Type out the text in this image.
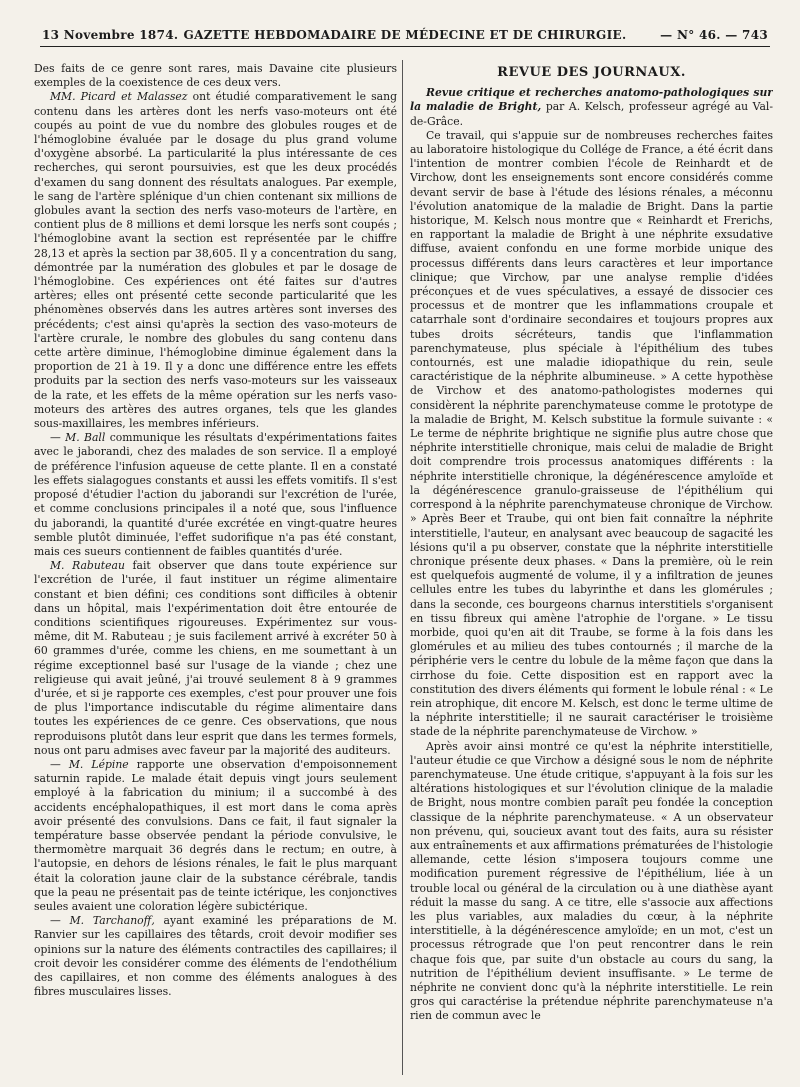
13 Novembre 1874. GAZETTE HEBDOMADAIRE DE MÉDECINE ET DE CHIRURGIE.	— N° 46. — 743

Des faits de ce genre sont rares, mais Davaine cite plusieurs exemples de la coexistence de ces deux vers.

MM. Picard et Malassez ont étudié comparativement le sang contenu dans les artères dont les nerfs vaso-moteurs ont été coupés au point de vue du nombre des globules rouges et de l'hémoglobine évaluée par le dosage du plus grand volume d'oxygène absorbé. La particularité la plus intéressante de ces recherches, qui seront poursuivies, est que les deux procédés d'examen du sang donnent des résultats analogues. Par exemple, le sang de l'artère splénique d'un chien contenant six millions de globules avant la section des nerfs vaso-moteurs de l'artère, en contient plus de 8 millions et demi lorsque les nerfs sont coupés ; l'hémoglobine avant la section est représentée par le chiffre 28,13 et après la section par 38,605. Il y a concentration du sang, démontrée par la numération des globules et par le dosage de l'hémoglobine. Ces expériences ont été faites sur d'autres artères; elles ont présenté cette seconde particularité que les phénomènes observés dans les autres artères sont inverses des précédents; c'est ainsi qu'après la section des vaso-moteurs de l'artère crurale, le nombre des globules du sang contenu dans cette artère diminue, l'hémoglobine diminue également dans la proportion de 21 à 19. Il y a donc une différence entre les effets produits par la section des nerfs vaso-moteurs sur les vaisseaux de la rate, et les effets de la même opération sur les nerfs vaso-moteurs des artères des autres organes, tels que les glandes sous-maxillaires, les membres inférieurs.

— M. Ball communique les résultats d'expérimentations faites avec le jaborandi, chez des malades de son service. Il a employé de préférence l'infusion aqueuse de cette plante. Il en a constaté les effets sialagogues constants et aussi les effets vomitifs. Il s'est proposé d'étudier l'action du jaborandi sur l'excrétion de l'urée, et comme conclusions principales il a noté que, sous l'influence du jaborandi, la quantité d'urée excrétée en vingt-quatre heures semble plutôt diminuée, l'effet sudorifique n'a pas été constant, mais ces sueurs contiennent de faibles quantités d'urée.

M. Rabuteau fait observer que dans toute expérience sur l'excrétion de l'urée, il faut instituer un régime alimentaire constant et bien défini; ces conditions sont difficiles à obtenir dans un hôpital, mais l'expérimentation doit être entourée de conditions scientifiques rigoureuses. Expérimentez sur vous-même, dit M. Rabuteau ; je suis facilement arrivé à excréter 50 à 60 grammes d'urée, comme les chiens, en me soumettant à un régime exceptionnel basé sur l'usage de la viande ; chez une religieuse qui avait jeûné, j'ai trouvé seulement 8 à 9 grammes d'urée, et si je rapporte ces exemples, c'est pour prouver une fois de plus l'importance indiscutable du régime alimentaire dans toutes les expériences de ce genre. Ces observations, que nous reproduisons plutôt dans leur esprit que dans les termes formels, nous ont paru admises avec faveur par la majorité des auditeurs.

— M. Lépine rapporte une observation d'empoisonnement saturnin rapide. Le malade était depuis vingt jours seulement employé à la fabrication du minium; il a succombé à des accidents encéphalopathiques, il est mort dans le coma après avoir présenté des convulsions. Dans ce fait, il faut signaler la température basse observée pendant la période convulsive, le thermomètre marquait 36 degrés dans le rectum; en outre, à l'autopsie, en dehors de lésions rénales, le fait le plus marquant était la coloration jaune clair de la substance cérébrale, tandis que la peau ne présentait pas de teinte ictérique, les conjonctives seules avaient une coloration légère subictérique.

— M. Tarchanoff, ayant examiné les préparations de M. Ranvier sur les capillaires des têtards, croit devoir modifier ses opinions sur la nature des éléments contractiles des capillaires; il croit devoir les considérer comme des éléments de l'endothélium des capillaires, et non comme des éléments analogues à des fibres musculaires lisses.

REVUE DES JOURNAUX.

Revue critique et recherches anatomo-pathologiques sur la maladie de Bright, par A. Kelsch, professeur agrégé au Val-de-Grâce.

Ce travail, qui s'appuie sur de nombreuses recherches faites au laboratoire histologique du Collége de France, a été écrit dans l'intention de montrer combien l'école de Reinhardt et de Virchow, dont les enseignements sont encore considérés comme devant servir de base à l'étude des lésions rénales, a méconnu l'évolution anatomique de la maladie de Bright. Dans la partie historique, M. Kelsch nous montre que « Reinhardt et Frerichs, en rapportant la maladie de Bright à une néphrite exsudative diffuse, avaient confondu en une forme morbide unique des processus différents dans leurs caractères et leur importance clinique; que Virchow, par une analyse remplie d'idées préconçues et de vues spéculatives, a essayé de dissocier ces processus et de montrer que les inflammations croupale et catarrhale sont d'ordinaire secondaires et toujours propres aux tubes droits sécréteurs, tandis que l'inflammation parenchymateuse, plus spéciale à l'épithélium des tubes contournés, est une maladie idiopathique du rein, seule caractéristique de la néphrite albumineuse. » A cette hypothèse de Virchow et des anatomo-pathologistes modernes qui considèrent la néphrite parenchymateuse comme le prototype de la maladie de Bright, M. Kelsch substitue la formule suivante : « Le terme de néphrite brightique ne signifie plus autre chose que néphrite interstitielle chronique, mais celui de maladie de Bright doit comprendre trois processus anatomiques différents : la néphrite interstitielle chronique, la dégénérescence amyloïde et la dégénérescence granulo-graisseuse de l'épithélium qui correspond à la néphrite parenchymateuse chronique de Virchow. » Après Beer et Traube, qui ont bien fait connaître la néphrite interstitielle, l'auteur, en analysant avec beaucoup de sagacité les lésions qu'il a pu observer, constate que la néphrite interstitielle chronique présente deux phases. « Dans la première, où le rein est quelquefois augmenté de volume, il y a infiltration de jeunes cellules entre les tubes du labyrinthe et dans les glomérules ; dans la seconde, ces bourgeons charnus interstitiels s'organisent en tissu fibreux qui amène l'atrophie de l'organe. » Le tissu morbide, quoi qu'en ait dit Traube, se forme à la fois dans les glomérules et au milieu des tubes contournés ; il marche de la périphérie vers le centre du lobule de la même façon que dans la cirrhose du foie. Cette disposition est en rapport avec la constitution des divers éléments qui forment le lobule rénal : « Le rein atrophique, dit encore M. Kelsch, est donc le terme ultime de la néphrite interstitielle; il ne saurait caractériser le troisième stade de la néphrite parenchymateuse de Virchow. »

Après avoir ainsi montré ce qu'est la néphrite interstitielle, l'auteur étudie ce que Virchow a désigné sous le nom de néphrite parenchymateuse. Une étude critique, s'appuyant à la fois sur les altérations histologiques et sur l'évolution clinique de la maladie de Bright, nous montre combien paraît peu fondée la conception classique de la néphrite parenchymateuse. « A un observateur non prévenu, qui, soucieux avant tout des faits, aura su résister aux entraînements et aux affirmations prématurées de l'histologie allemande, cette lésion s'imposera toujours comme une modification purement régressive de l'épithélium, liée à un trouble local ou général de la circulation ou à une diathèse ayant réduit la masse du sang. A ce titre, elle s'associe aux affections les plus variables, aux maladies du cœur, à la néphrite interstitielle, à la dégénérescence amyloïde; en un mot, c'est un processus rétrograde que l'on peut rencontrer dans le rein chaque fois que, par suite d'un obstacle au cours du sang, la nutrition de l'épithélium devient insuffisante. » Le terme de néphrite ne convient donc qu'à la néphrite interstitielle. Le rein gros qui caractérise la prétendue néphrite parenchymateuse n'a rien de commun avec le
